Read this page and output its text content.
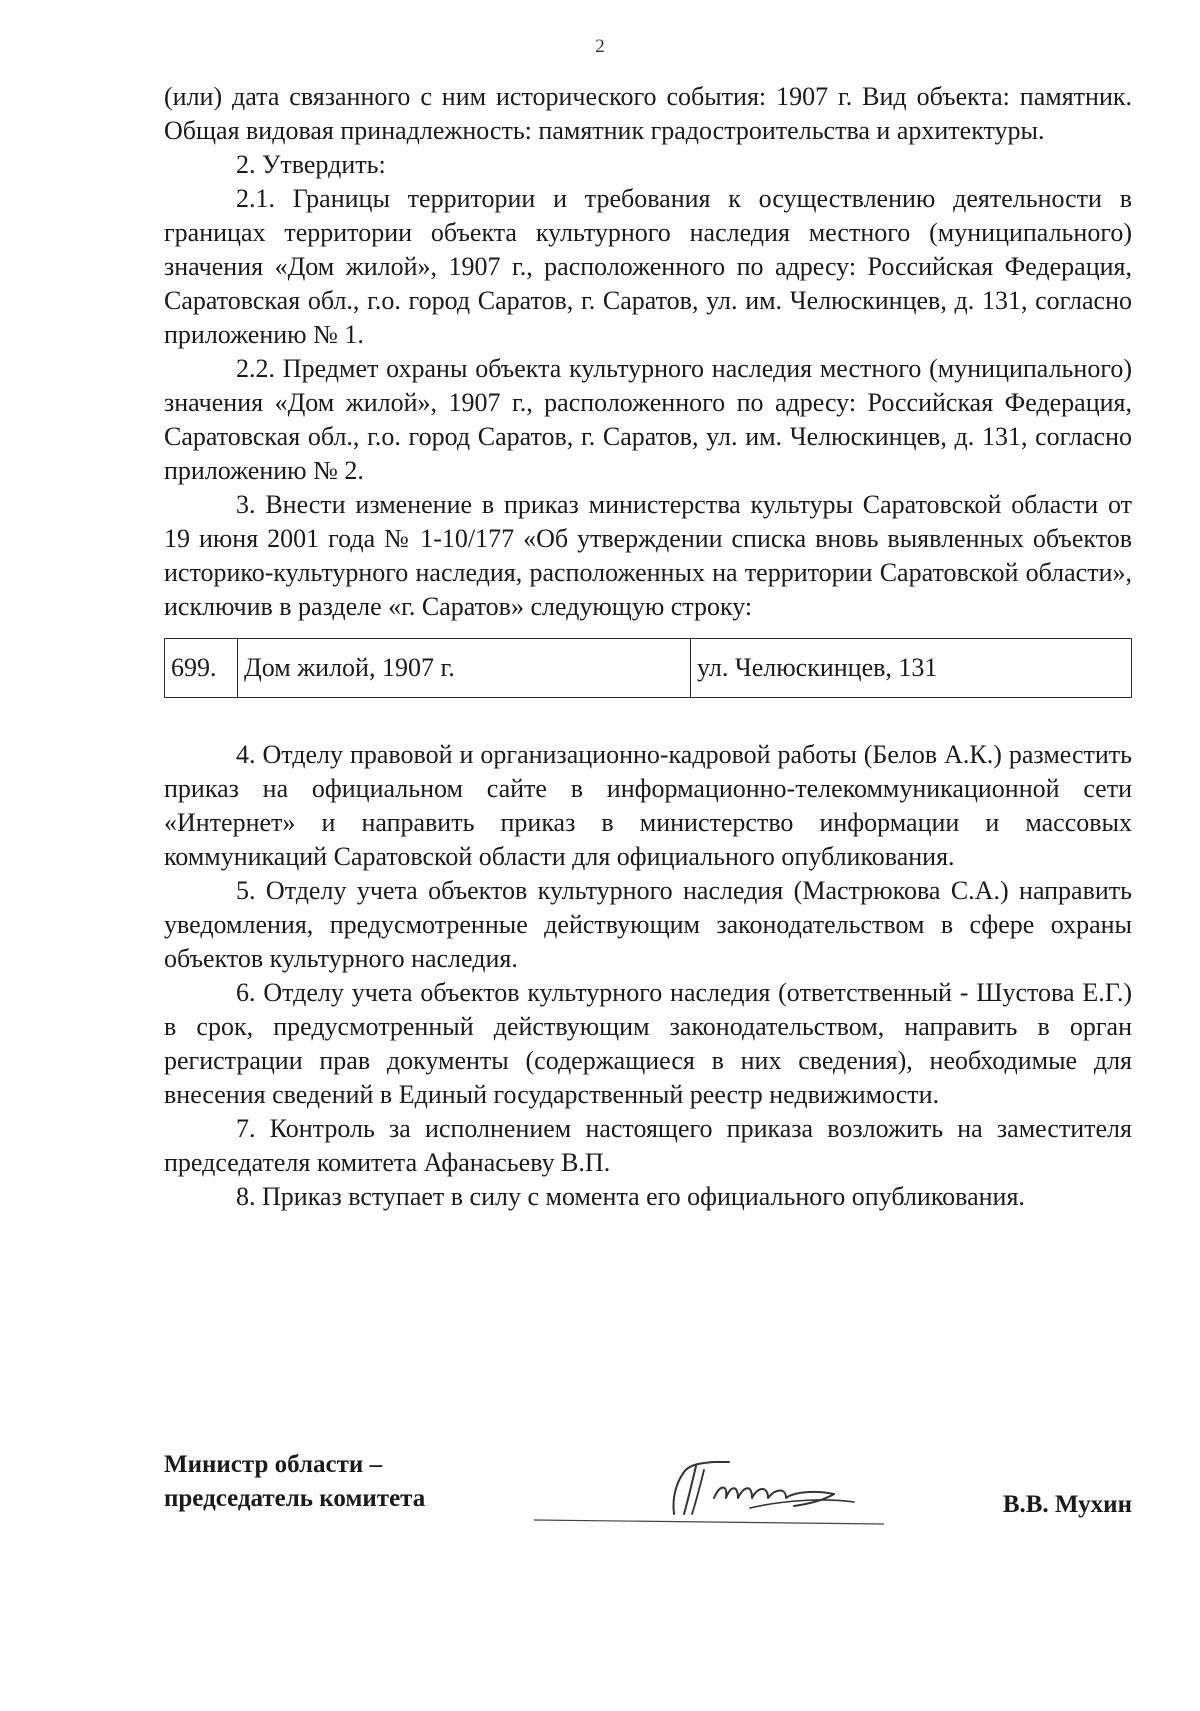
2

(или) дата связанного с ним исторического события: 1907 г. Вид объекта: памятник. Общая видовая принадлежность: памятник градостроительства и архитектуры.

2. Утвердить:

2.1. Границы территории и требования к осуществлению деятельности в границах территории объекта культурного наследия местного (муниципального) значения «Дом жилой», 1907 г., расположенного по адресу: Российская Федерация, Саратовская обл., г.о. город Саратов, г. Саратов, ул. им. Челюскинцев, д. 131, согласно приложению № 1.

2.2. Предмет охраны объекта культурного наследия местного (муниципального) значения «Дом жилой», 1907 г., расположенного по адресу: Российская Федерация, Саратовская обл., г.о. город Саратов, г. Саратов, ул. им. Челюскинцев, д. 131, согласно приложению № 2.

3. Внести изменение в приказ министерства культуры Саратовской области от 19 июня 2001 года № 1-10/177 «Об утверждении списка вновь выявленных объектов историко-культурного наследия, расположенных на территории Саратовской области», исключив в разделе «г. Саратов» следующую строку:

699.	Дом жилой, 1907 г.	ул. Челюскинцев, 131

4. Отделу правовой и организационно-кадровой работы (Белов А.К.) разместить приказ на официальном сайте в информационно-телекоммуникационной сети «Интернет» и направить приказ в министерство информации и массовых коммуникаций Саратовской области для официального опубликования.

5. Отделу учета объектов культурного наследия (Мастрюкова С.А.) направить уведомления, предусмотренные действующим законодательством в сфере охраны объектов культурного наследия.

6. Отделу учета объектов культурного наследия (ответственный - Шустова Е.Г.) в срок, предусмотренный действующим законодательством, направить в орган регистрации прав документы (содержащиеся в них сведения), необходимые для внесения сведений в Единый государственный реестр недвижимости.

7. Контроль за исполнением настоящего приказа возложить на заместителя председателя комитета Афанасьеву В.П.

8. Приказ вступает в силу с момента его официального опубликования.

Министр области –
председатель комитета	В.В. Мухин
